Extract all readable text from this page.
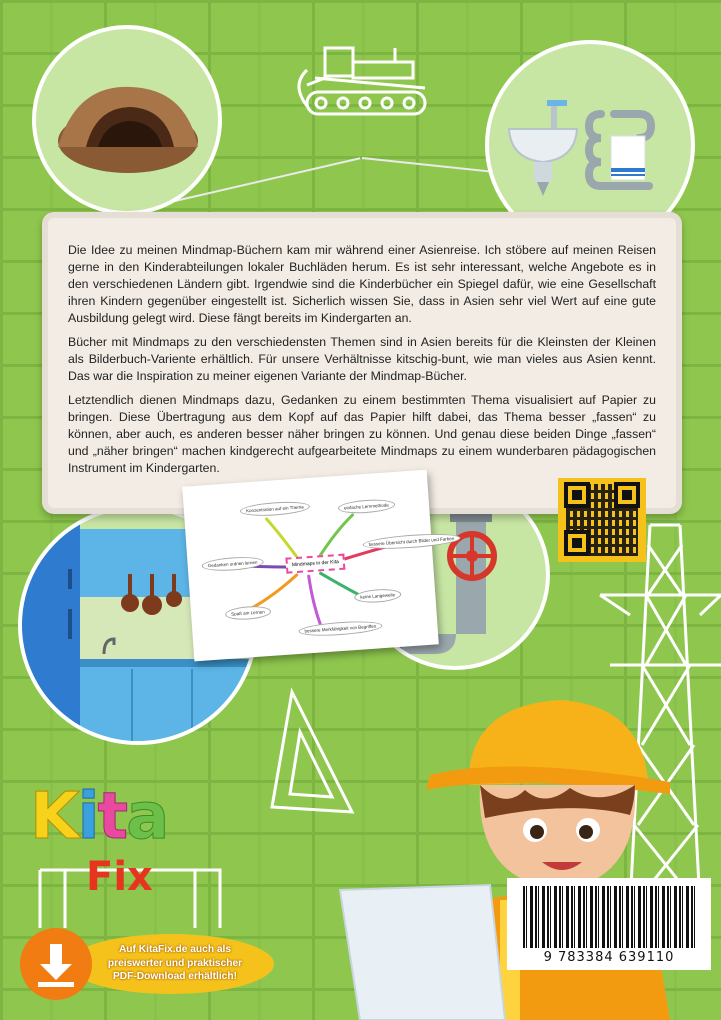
Die Idee zu meinen Mindmap-Büchern kam mir während einer Asienreise. Ich stöbere auf meinen Reisen gerne in den Kinderabteilungen lokaler Buchläden herum. Es ist sehr interessant, welche Angebote es in den verschiedenen Ländern gibt. Irgendwie sind die Kinderbücher ein Spiegel dafür, wie eine Gesellschaft ihren Kindern gegenüber eingestellt ist. Sicherlich wissen Sie, dass in Asien sehr viel Wert auf eine gute Ausbildung gelegt wird. Diese fängt bereits im Kindergarten an.

Bücher mit Mindmaps zu den verschiedensten Themen sind in Asien bereits für die Kleinsten der Kleinen als Bilderbuch-Variente erhältlich. Für unsere Verhältnisse kitschig-bunt, wie man vieles aus Asien kennt. Das war die Inspiration zu meiner eigenen Variante der Mindmap-Bücher.

Letztendlich dienen Mindmaps dazu, Gedanken zu einem bestimmten Thema visualisiert auf Papier zu bringen. Diese Übertragung aus dem Kopf auf das Papier hilft dabei, das Thema besser „fassen“ zu können, aber auch, es anderen besser näher bringen zu können. Und genau diese beiden Dinge „fassen“ und „näher bringen“ machen kindgerecht aufgearbeitete Mindmaps zu einem wunderbaren pädagogischen Instrument im Kindergarten.

Mindmaps in der Kita
Konzentration auf ein Thema	einfache Lernmethode
Gedanken ordnen lernen
bessere Übersicht durch Bilder und Farben
Spaß am Lernen
keine Langeweile
bessere Merkfähigkeit von Begriffen
9 783384 639110
Kita
Fix
Auf KitaFix.de auch als
preiswerter und praktischer
PDF-Download erhältlich!
